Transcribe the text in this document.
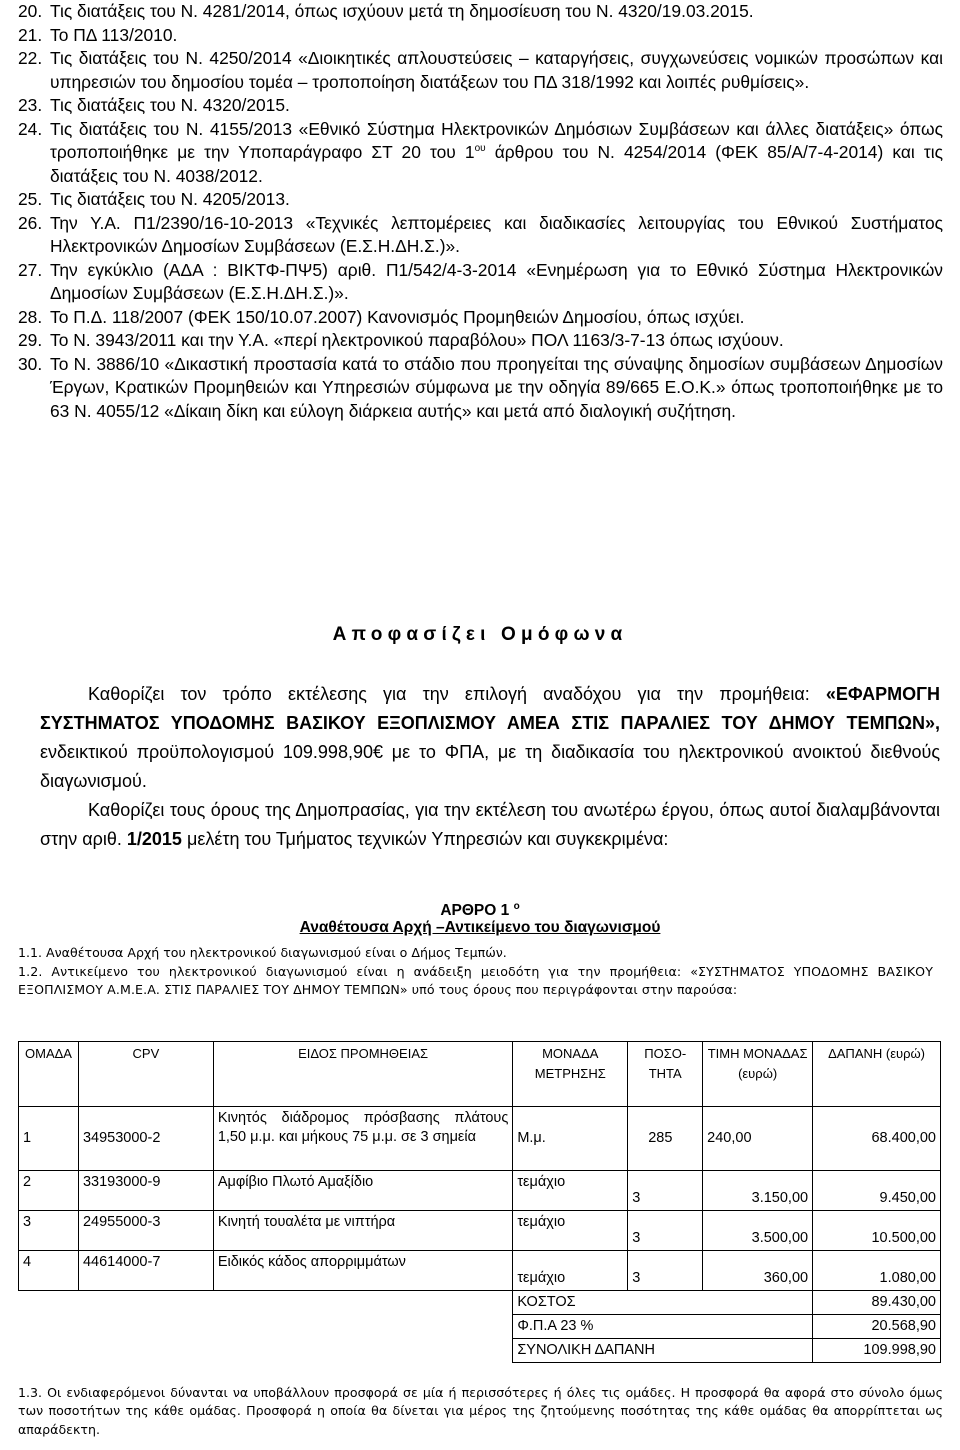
20. Τις διατάξεις του Ν. 4281/2014, όπως ισχύουν μετά τη δημοσίευση του Ν. 4320/19.03.2015.
21. Το ΠΔ 113/2010.
22. Τις διατάξεις του Ν. 4250/2014 «Διοικητικές απλουστεύσεις – καταργήσεις, συγχωνεύσεις νομικών προσώπων και υπηρεσιών του δημοσίου τομέα – τροποποίηση διατάξεων του ΠΔ 318/1992 και λοιπές ρυθμίσεις».
23. Τις διατάξεις του Ν. 4320/2015.
24. Τις διατάξεις του Ν. 4155/2013 «Εθνικό Σύστημα Ηλεκτρονικών Δημόσιων Συμβάσεων και άλλες διατάξεις» όπως τροποποιήθηκε με την Υποπαράγραφο ΣΤ 20 του $1^{o\upsilon}$ άρθρου του Ν. 4254/2014 (ΦΕΚ 85/Α/7-4-2014) και τις διατάξεις του Ν. 4038/2012.
25. Τις διατάξεις του Ν. 4205/2013.
26. Την Υ.Α. Π1/2390/16-10-2013 «Τεχνικές λεπτομέρειες και διαδικασίες λειτουργίας του Εθνικού Συστήματος Ηλεκτρονικών Δημοσίων Συμβάσεων (Ε.Σ.Η.ΔΗ.Σ.)».
27. Την εγκύκλιο (ΑΔΑ : ΒΙΚΤΦ-ΠΨ5) αριθ. Π1/542/4-3-2014 «Ενημέρωση για το Εθνικό Σύστημα Ηλεκτρονικών Δημοσίων Συμβάσεων (Ε.Σ.Η.ΔΗ.Σ.)».
28. Το Π.Δ. 118/2007 (ΦΕΚ 150/10.07.2007) Κανονισμός Προμηθειών Δημοσίου, όπως ισχύει.
29. Το Ν. 3943/2011 και την Υ.Α. «περί ηλεκτρονικού παραβόλου» ΠΟΛ 1163/3-7-13 όπως ισχύουν.
30. Το Ν. 3886/10 «Δικαστική προστασία κατά το στάδιο που προηγείται της σύναψης δημοσίων συμβάσεων Δημοσίων Έργων, Κρατικών Προμηθειών και Υπηρεσιών σύμφωνα με την οδηγία 89/665 Ε.Ο.Κ.» όπως τροποποιήθηκε με το 63 Ν. 4055/12 «Δίκαιη δίκη και εύλογη διάρκεια αυτής» και μετά από διαλογική συζήτηση.
Αποφασίζει Ομόφωνα

Καθορίζει τον τρόπο εκτέλεσης για την επιλογή αναδόχου για την προμήθεια: «ΕΦΑΡΜΟΓΗ ΣΥΣΤΗΜΑΤΟΣ ΥΠΟΔΟΜΗΣ ΒΑΣΙΚΟΥ ΕΞΟΠΛΙΣΜΟΥ ΑΜΕΑ ΣΤΙΣ ΠΑΡΑΛΙΕΣ ΤΟΥ ΔΗΜΟΥ ΤΕΜΠΩΝ», ενδεικτικού προϋπολογισμού 109.998,90€ με το ΦΠΑ, με τη διαδικασία του ηλεκτρονικού ανοικτού διεθνούς διαγωνισμού.

Καθορίζει τους όρους της Δημοπρασίας, για την εκτέλεση του ανωτέρω έργου, όπως αυτοί διαλαμβάνονται στην αριθ. 1/2015 μελέτη του Τμήματος τεχνικών Υπηρεσιών και συγκεκριμένα:

ΑΡΘΡΟ 1 $^o$
Αναθέτουσα Αρχή –Αντικείμενο του διαγωνισμού

1.1. Αναθέτουσα Αρχή του ηλεκτρονικού διαγωνισμού είναι ο Δήμος Τεμπών.

1.2. Αντικείμενο του ηλεκτρονικού διαγωνισμού είναι η ανάδειξη μειοδότη για την προμήθεια: «ΣΥΣΤΗΜΑΤΟΣ ΥΠΟΔΟΜΗΣ ΒΑΣΙΚΟΥ ΕΞΟΠΛΙΣΜΟΥ Α.Μ.Ε.Α. ΣΤΙΣ ΠΑΡΑΛΙΕΣ ΤΟΥ ΔΗΜΟΥ ΤΕΜΠΩΝ» υπό τους όρους που περιγράφονται στην παρούσα:

ΟΜΑΔΑ	CPV	ΕΙΔΟΣ ΠΡΟΜΗΘΕΙΑΣ	ΜΟΝΑΔΑ ΜΕΤΡΗΣΗΣ	ΠΟΣΟ-ΤΗΤΑ	ΤΙΜΗ ΜΟΝΑΔΑΣ (ευρώ)	ΔΑΠΑΝΗ (ευρώ)
1	34953000-2	Κινητός διάδρομος πρόσβασης πλάτους 1,50 μ.μ. και μήκους 75 μ.μ. σε 3 σημεία	Μ.μ.	285	240,00	68.400,00
2	33193000-9	Αμφίβιο Πλωτό Αμαξίδιο	τεμάχιο	3	3.150,00	9.450,00
3	24955000-3	Κινητή τουαλέτα με νιπτήρα	τεμάχιο	3	3.500,00	10.500,00
4	44614000-7	Ειδικός κάδος απορριμμάτων	τεμάχιο	3	360,00	1.080,00
			ΚΟΣΤΟΣ			89.430,00
			Φ.Π.Α 23 %			20.568,90
			ΣΥΝΟΛΙΚΗ ΔΑΠΑΝΗ			109.998,90

1.3. Οι ενδιαφερόμενοι δύνανται να υποβάλλουν προσφορά σε μία ή περισσότερες ή όλες τις ομάδες. Η προσφορά θα αφορά στο σύνολο όμως των ποσοτήτων της κάθε ομάδας. Προσφορά η οποία θα δίνεται για μέρος της ζητούμενης ποσότητας της κάθε ομάδας θα απορρίπτεται ως απαράδεκτη.
